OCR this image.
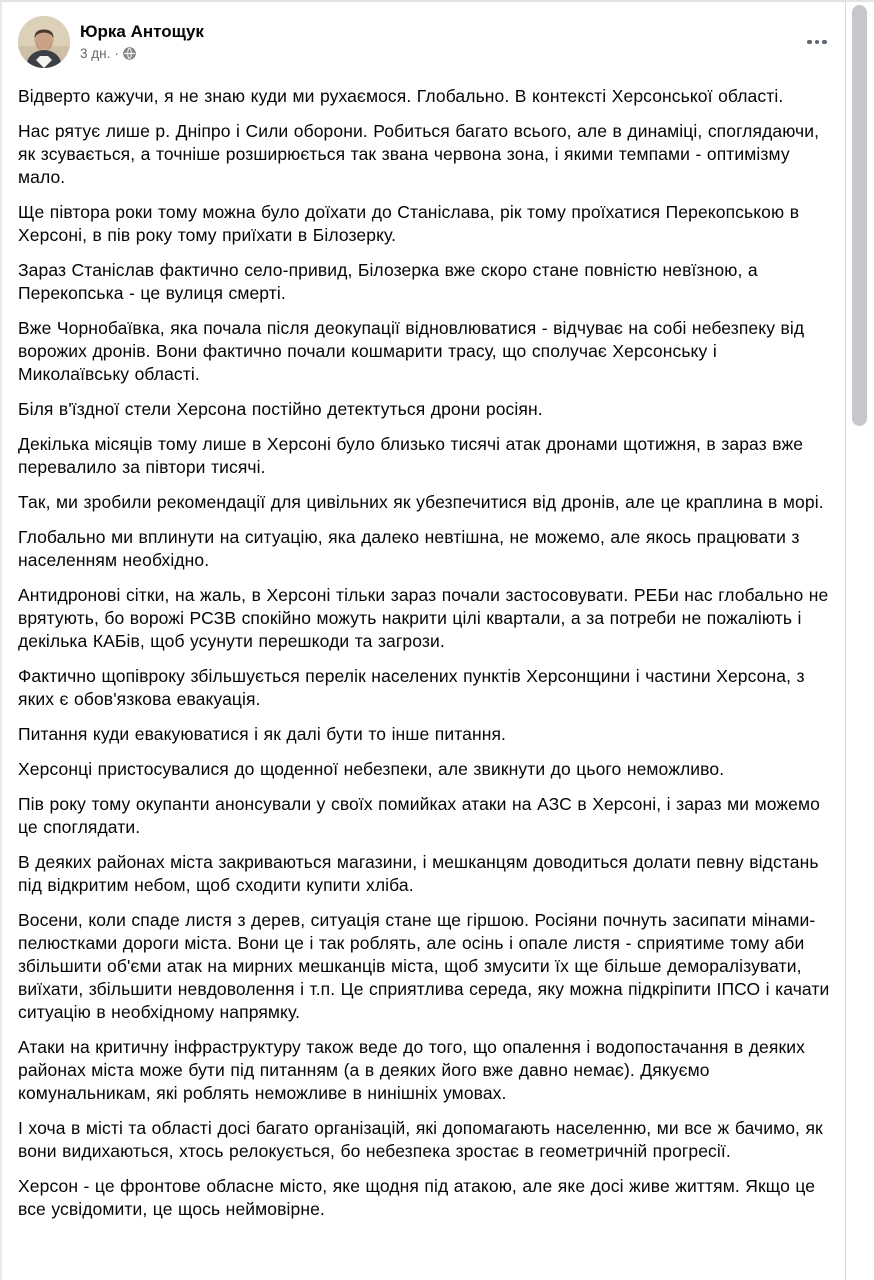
Юрка Антощук
3 дн. ·

Відверто кажучи, я не знаю куди ми рухаємося. Глобально. В контексті Херсонської області.

Нас рятує лише р. Дніпро і Сили оборони. Робиться багато всього, але в динаміці, споглядаючи, як зсувається, а точніше розширюється так звана червона зона, і якими темпами - оптимізму мало.

Ще півтора роки тому можна було доїхати до Станіслава, рік тому проїхатися Перекопською в Херсоні, в пів року тому приїхати в Білозерку.

Зараз Станіслав фактично село-привид, Білозерка вже скоро стане повністю невїзною, а Перекопська - це вулиця смерті.

Вже Чорнобаївка, яка почала після деокупації відновлюватися - відчуває на собі небезпеку від ворожих дронів. Вони фактично почали кошмарити трасу, що сполучає Херсонську і Миколаївську області.

Біля в'їздної стели Херсона постійно детектуться дрони росіян.

Декілька місяців тому лише в Херсоні було близько тисячі атак дронами щотижня, в зараз вже перевалило за півтори тисячі.

Так, ми зробили рекомендації для цивільних як убезпечитися від дронів, але це краплина в морі.

Глобально ми вплинути на ситуацію, яка далеко невтішна, не можемо, але якось працювати з населенням необхідно.

Антидронові сітки, на жаль, в Херсоні тільки зараз почали застосовувати. РЕБи нас глобально не врятують, бо ворожі РСЗВ спокійно можуть накрити цілі квартали, а за потреби не пожаліють і декілька КАБів, щоб усунути перешкоди та загрози.

Фактично щопівроку збільшується перелік населених пунктів Херсонщини і частини Херсона, з яких є обов'язкова евакуація.

Питання куди евакуюватися і як далі бути то інше питання.

Херсонці пристосувалися до щоденної небезпеки, але звикнути до цього неможливо.

Пів року тому окупанти анонсували у своїх помийках атаки на АЗС в Херсоні, і зараз ми можемо це споглядати.

В деяких районах міста закриваються магазини, і мешканцям доводиться долати певну відстань під відкритим небом, щоб сходити купити хліба.

Восени, коли спаде листя з дерев, ситуація стане ще гіршою. Росіяни почнуть засипати мінами-пелюстками дороги міста. Вони це і так роблять, але осінь і опале листя - сприятиме тому аби збільшити об'єми атак на мирних мешканців міста, щоб змусити їх ще більше деморалізувати, виїхати, збільшити невдоволення і т.п. Це сприятлива середа, яку можна підкріпити ІПСО і качати ситуацію в необхідному напрямку.

Атаки на критичну інфраструктуру також веде до того, що опалення і водопостачання в деяких районах міста може бути під питанням (а в деяких його вже давно немає). Дякуємо комунальникам, які роблять неможливе в нинішніх умовах.

І хоча в місті та області досі багато організацій, які допомагають населенню, ми все ж бачимо, як вони видихаються, хтось релокується, бо небезпека зростає в геометричній прогресії.

Херсон - це фронтове обласне місто, яке щодня під атакою, але яке досі живе життям. Якщо це все усвідомити, це щось неймовірне.
